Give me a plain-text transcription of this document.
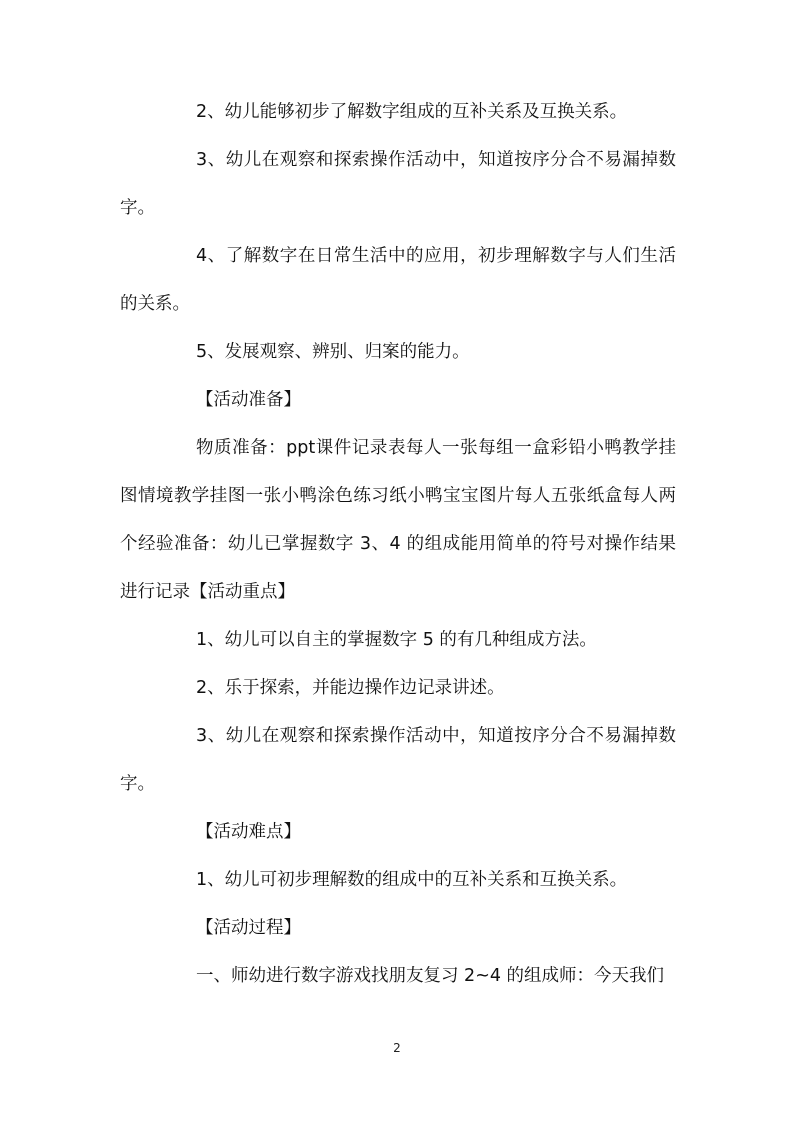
2、幼儿能够初步了解数字组成的互补关系及互换关系。

3、幼儿在观察和探索操作活动中，知道按序分合不易漏掉数字。

4、了解数字在日常生活中的应用，初步理解数字与人们生活的关系。

5、发展观察、辨别、归案的能力。

【活动准备】

物质准备：ppt课件记录表每人一张每组一盒彩铅小鸭教学挂图情境教学挂图一张小鸭涂色练习纸小鸭宝宝图片每人五张纸盒每人两个经验准备：幼儿已掌握数字 3、4 的组成能用简单的符号对操作结果进行记录【活动重点】

1、幼儿可以自主的掌握数字 5 的有几种组成方法。

2、乐于探索，并能边操作边记录讲述。

3、幼儿在观察和探索操作活动中，知道按序分合不易漏掉数字。

【活动难点】

1、幼儿可初步理解数的组成中的互补关系和互换关系。

【活动过程】

一、师幼进行数字游戏找朋友复习 2~4 的组成师：今天我们

2
